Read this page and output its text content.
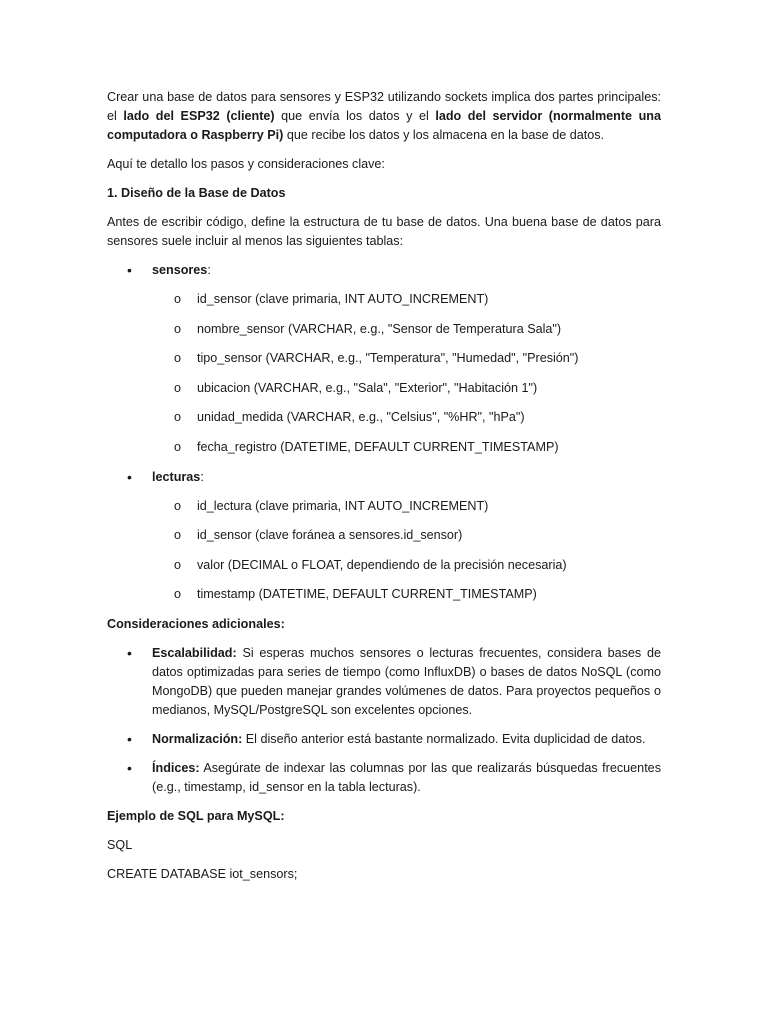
Crear una base de datos para sensores y ESP32 utilizando sockets implica dos partes principales: el lado del ESP32 (cliente) que envía los datos y el lado del servidor (normalmente una computadora o Raspberry Pi) que recibe los datos y los almacena en la base de datos.

Aquí te detallo los pasos y consideraciones clave:

1. Diseño de la Base de Datos

Antes de escribir código, define la estructura de tu base de datos. Una buena base de datos para sensores suele incluir al menos las siguientes tablas:

• sensores:
o id_sensor (clave primaria, INT AUTO_INCREMENT)
o nombre_sensor (VARCHAR, e.g., "Sensor de Temperatura Sala")
o tipo_sensor (VARCHAR, e.g., "Temperatura", "Humedad", "Presión")
o ubicacion (VARCHAR, e.g., "Sala", "Exterior", "Habitación 1")
o unidad_medida (VARCHAR, e.g., "Celsius", "%HR", "hPa")
o fecha_registro (DATETIME, DEFAULT CURRENT_TIMESTAMP)
• lecturas:
o id_lectura (clave primaria, INT AUTO_INCREMENT)
o id_sensor (clave foránea a sensores.id_sensor)
o valor (DECIMAL o FLOAT, dependiendo de la precisión necesaria)
o timestamp (DATETIME, DEFAULT CURRENT_TIMESTAMP)

Consideraciones adicionales:

• Escalabilidad: Si esperas muchos sensores o lecturas frecuentes, considera bases de datos optimizadas para series de tiempo (como InfluxDB) o bases de datos NoSQL (como MongoDB) que pueden manejar grandes volúmenes de datos. Para proyectos pequeños o medianos, MySQL/PostgreSQL son excelentes opciones.
• Normalización: El diseño anterior está bastante normalizado. Evita duplicidad de datos.
• Índices: Asegúrate de indexar las columnas por las que realizarás búsquedas frecuentes (e.g., timestamp, id_sensor en la tabla lecturas).

Ejemplo de SQL para MySQL:

SQL

CREATE DATABASE iot_sensors;
